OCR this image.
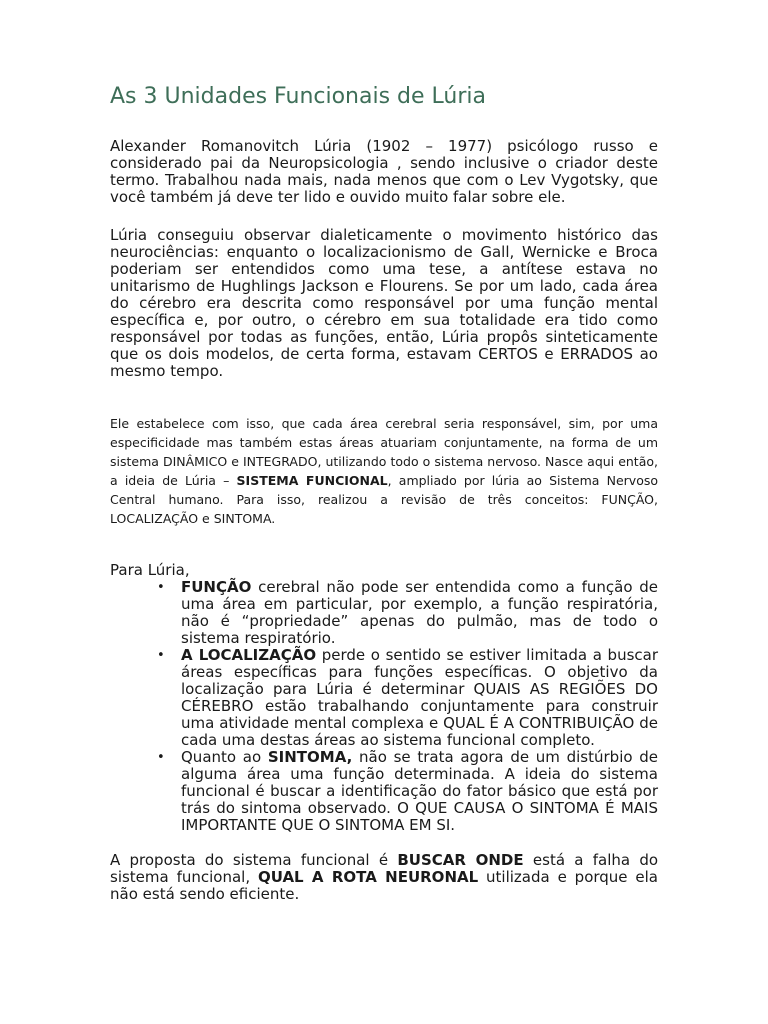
As 3 Unidades Funcionais de Lúria

Alexander Romanovitch Lúria (1902 – 1977) psicólogo russo e considerado pai da Neuropsicologia , sendo inclusive o criador deste termo. Trabalhou nada mais, nada menos que com o Lev Vygotsky, que você também já deve ter lido e ouvido muito falar sobre ele.

Lúria conseguiu observar dialeticamente o movimento histórico das neurociências: enquanto o localizacionismo de Gall, Wernicke e Broca poderiam ser entendidos como uma tese, a antítese estava no unitarismo de Hughlings Jackson e Flourens. Se por um lado, cada área do cérebro era descrita como responsável por uma função mental específica e, por outro, o cérebro em sua totalidade era tido como responsável por todas as funções, então, Lúria propôs sinteticamente que os dois modelos, de certa forma, estavam CERTOS e ERRADOS ao mesmo tempo.

Ele estabelece com isso, que cada área cerebral seria responsável, sim, por uma especificidade mas também estas áreas atuariam conjuntamente, na forma de um sistema DINÂMICO e INTEGRADO, utilizando todo o sistema nervoso. Nasce aqui então, a ideia de Lúria – SISTEMA FUNCIONAL, ampliado por lúria ao Sistema Nervoso Central humano. Para isso, realizou a revisão de três conceitos: FUNÇÃO, LOCALIZAÇÃO e SINTOMA.

Para Lúria,

• FUNÇÃO cerebral não pode ser entendida como a função de uma área em particular, por exemplo, a função respiratória, não é “propriedade” apenas do pulmão, mas de todo o sistema respiratório.
• A LOCALIZAÇÃO perde o sentido se estiver limitada a buscar áreas específicas para funções específicas. O objetivo da localização para Lúria é determinar QUAIS AS REGIÕES DO CÉREBRO estão trabalhando conjuntamente para construir uma atividade mental complexa e QUAL É A CONTRIBUIÇÃO de cada uma destas áreas ao sistema funcional completo.
• Quanto ao SINTOMA, não se trata agora de um distúrbio de alguma área uma função determinada. A ideia do sistema funcional é buscar a identificação do fator básico que está por trás do sintoma observado. O QUE CAUSA O SINTOMA É MAIS IMPORTANTE QUE O SINTOMA EM SI.

A proposta do sistema funcional é BUSCAR ONDE está a falha do sistema funcional, QUAL A ROTA NEURONAL utilizada e porque ela não está sendo eficiente.
